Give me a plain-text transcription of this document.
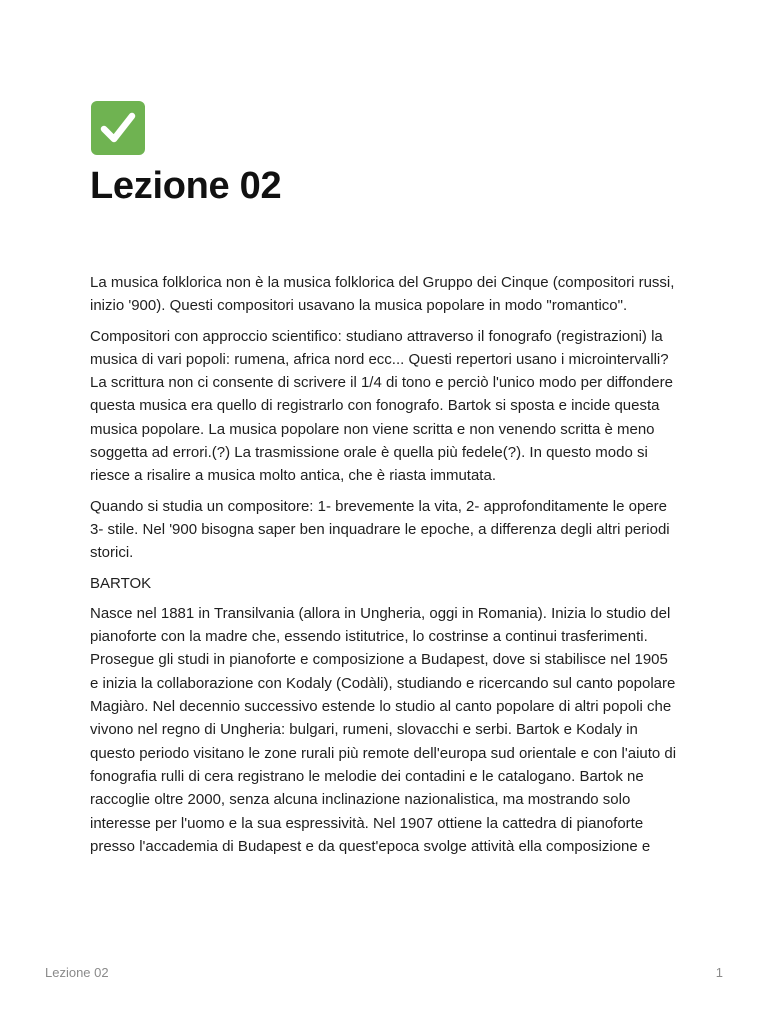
Lezione 02

La musica folklorica non è la musica folklorica del Gruppo dei Cinque (compositori russi, inizio '900). Questi compositori usavano la musica popolare in modo "romantico".

Compositori con approccio scientifico: studiano attraverso il fonografo (registrazioni) la musica di vari popoli: rumena, africa nord ecc... Questi repertori usano i microintervalli? La scrittura non ci consente di scrivere il 1/4 di tono e perciò l'unico modo per diffondere questa musica era quello di registrarlo con fonografo. Bartok si sposta e incide questa musica popolare. La musica popolare non viene scritta e non venendo scritta è meno soggetta ad errori.(?) La trasmissione orale è quella più fedele(?). In questo modo si riesce a risalire a musica molto antica, che è riasta immutata.

Quando si studia un compositore: 1- brevemente la vita, 2- approfonditamente le opere 3- stile. Nel '900 bisogna saper ben inquadrare le epoche, a differenza degli altri periodi storici.

BARTOK

Nasce nel 1881 in Transilvania (allora in Ungheria, oggi in Romania). Inizia lo studio del pianoforte con la madre che, essendo istitutrice, lo costrinse a continui trasferimenti. Prosegue gli studi in pianoforte e composizione a Budapest, dove si stabilisce nel 1905 e inizia la collaborazione con Kodaly (Codàli), studiando e ricercando sul canto popolare Magiàro. Nel decennio successivo estende lo studio al canto popolare di altri popoli che vivono nel regno di Ungheria: bulgari, rumeni, slovacchi e serbi. Bartok e Kodaly in questo periodo visitano le zone rurali più remote dell'europa sud orientale e con l'aiuto di fonografia rulli di cera registrano le melodie dei contadini e le catalogano. Bartok ne raccoglie oltre 2000, senza alcuna inclinazione nazionalistica, ma mostrando solo interesse per l'uomo e la sua espressività. Nel 1907 ottiene la cattedra di pianoforte presso l'accademia di Budapest e da quest'epoca svolge attività ella composizione e

Lezione 02	1
